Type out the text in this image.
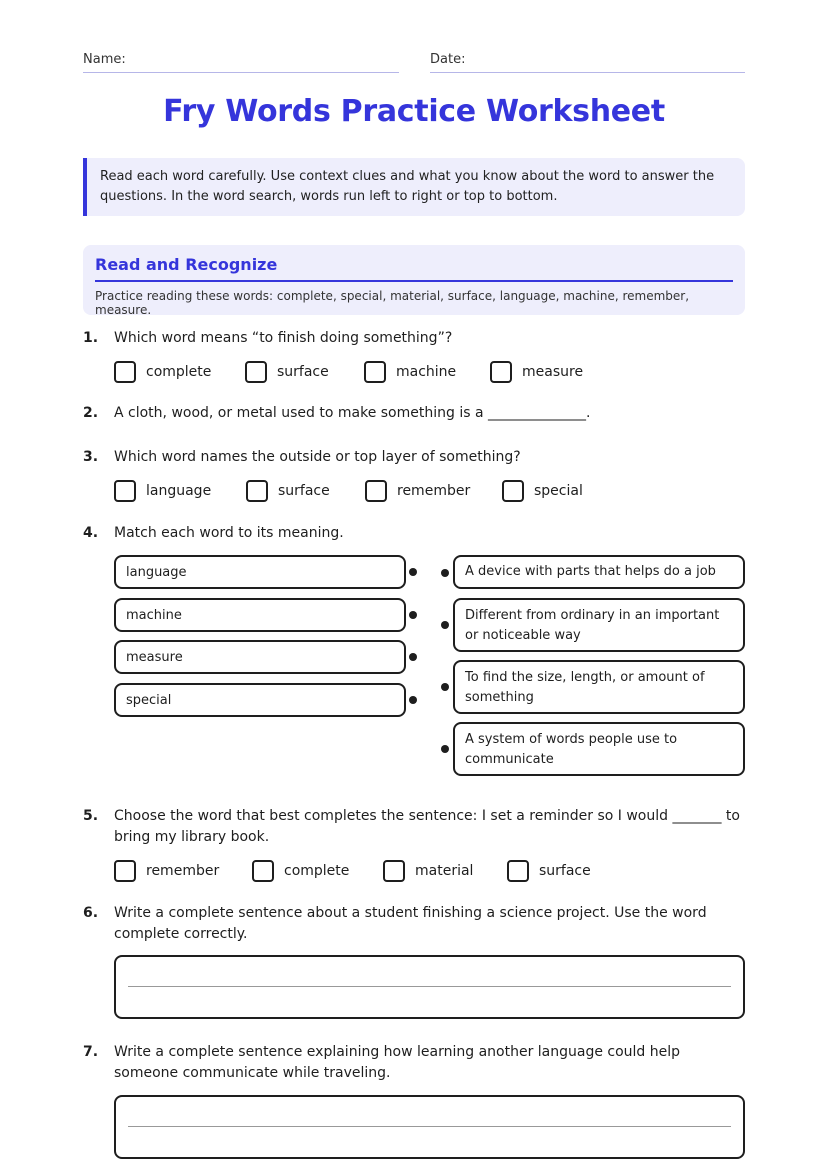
Name:	Date:
Fry Words Practice Worksheet
Read each word carefully. Use context clues and what you know about the word to answer the questions. In the word search, words run left to right or top to bottom.
Read and Recognize
Practice reading these words: complete, special, material, surface, language, machine, remember, measure.
1.	Which word means “to finish doing something”?
complete	surface	machine	measure
2.	A cloth, wood, or metal used to make something is a ______________.
3.	Which word names the outside or top layer of something?
language	surface	remember	special
4.	Match each word to its meaning.
language
machine
measure
special
A device with parts that helps do a job
Different from ordinary in an important or noticeable way
To find the size, length, or amount of something
A system of words people use to communicate
5.	Choose the word that best completes the sentence: I set a reminder so I would _______ to bring my library book.
remember	complete	material	surface
6.	Write a complete sentence about a student finishing a science project. Use the word complete correctly.
7.	Write a complete sentence explaining how learning another language could help someone communicate while traveling.
